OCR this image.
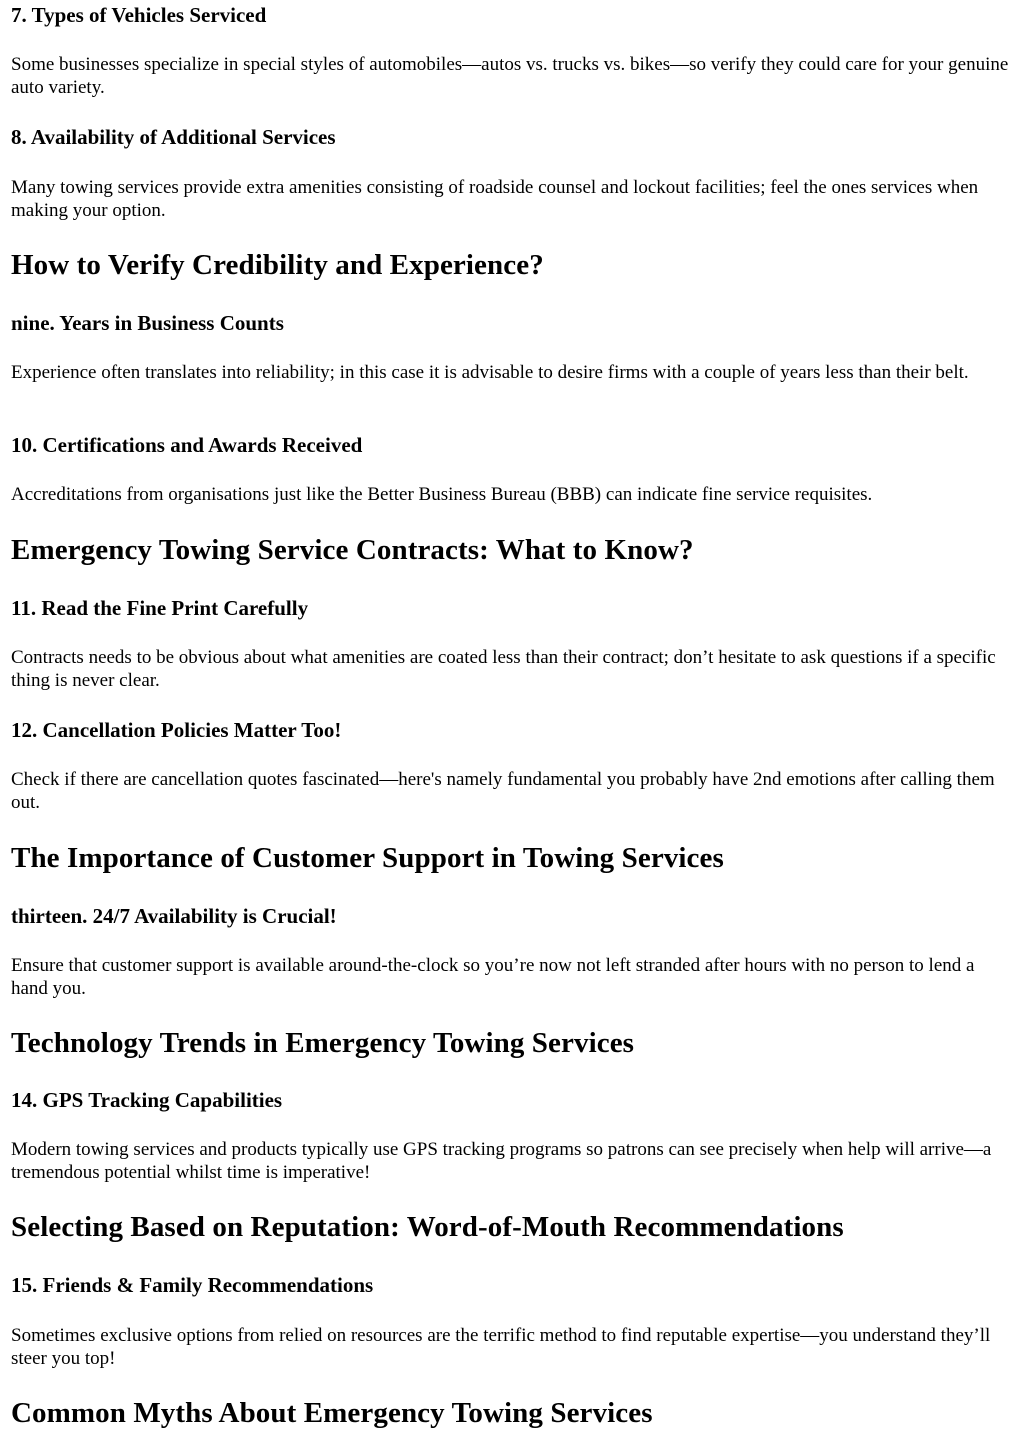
7. Types of Vehicles Serviced

Some businesses specialize in special styles of automobiles—autos vs. trucks vs. bikes—so verify they could care for your genuine auto variety.

8. Availability of Additional Services

Many towing services provide extra amenities consisting of roadside counsel and lockout facilities; feel the ones services when making your option.

How to Verify Credibility and Experience?
nine. Years in Business Counts

Experience often translates into reliability; in this case it is advisable to desire firms with a couple of years less than their belt.

10. Certifications and Awards Received

Accreditations from organisations just like the Better Business Bureau (BBB) can indicate fine service requisites.

Emergency Towing Service Contracts: What to Know?
11. Read the Fine Print Carefully

Contracts needs to be obvious about what amenities are coated less than their contract; don’t hesitate to ask questions if a specific thing is never clear.

12. Cancellation Policies Matter Too!

Check if there are cancellation quotes fascinated—here's namely fundamental you probably have 2nd emotions after calling them out.

The Importance of Customer Support in Towing Services
thirteen. 24/7 Availability is Crucial!

Ensure that customer support is available around-the-clock so you’re now not left stranded after hours with no person to lend a hand you.

Technology Trends in Emergency Towing Services
14. GPS Tracking Capabilities

Modern towing services and products typically use GPS tracking programs so patrons can see precisely when help will arrive—a tremendous potential whilst time is imperative!

Selecting Based on Reputation: Word-of-Mouth Recommendations
15. Friends & Family Recommendations

Sometimes exclusive options from relied on resources are the terrific method to find reputable expertise—you understand they’ll steer you top!

Common Myths About Emergency Towing Services
